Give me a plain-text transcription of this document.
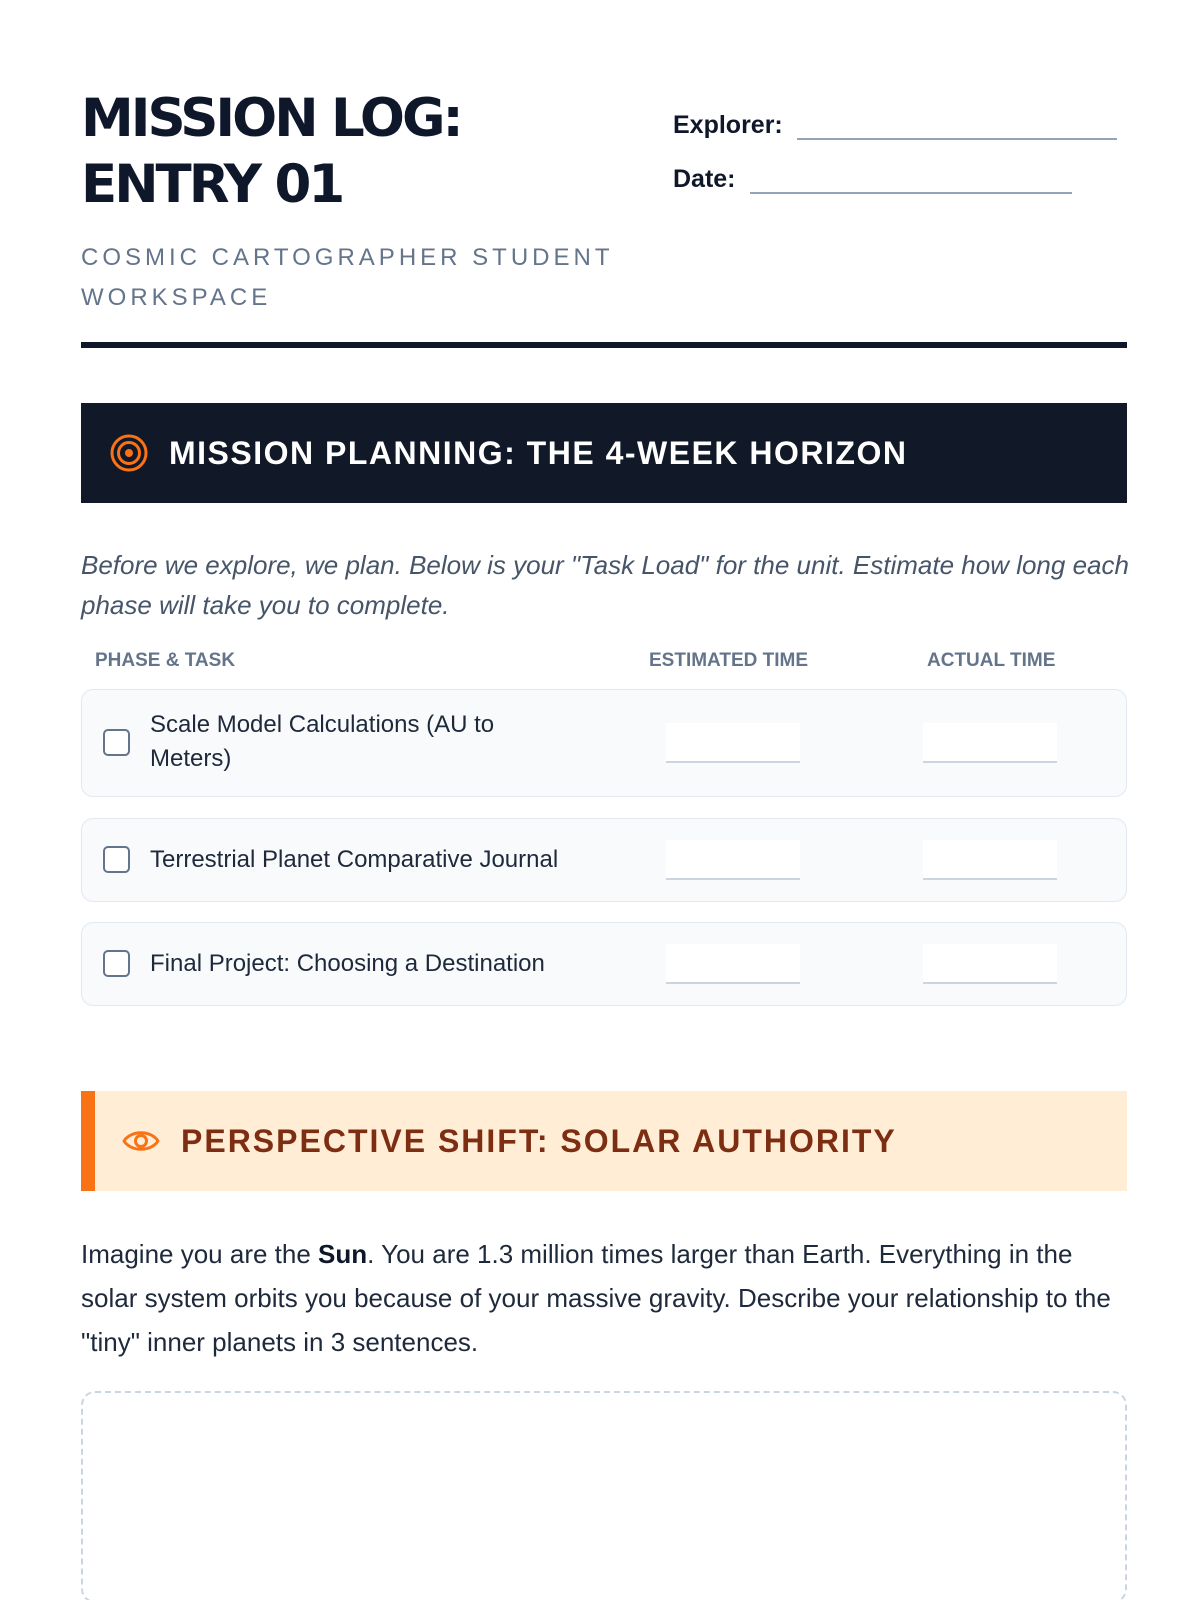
MISSION LOG:
ENTRY 01
COSMIC CARTOGRAPHER STUDENT WORKSPACE
Explorer:
Date:
MISSION PLANNING: THE 4-WEEK HORIZON

Before we explore, we plan. Below is your "Task Load" for the unit. Estimate how long each phase will take you to complete.

PHASE & TASK	ESTIMATED TIME	ACTUAL TIME
Scale Model Calculations (AU to Meters)
Terrestrial Planet Comparative Journal
Final Project: Choosing a Destination
PERSPECTIVE SHIFT: SOLAR AUTHORITY

Imagine you are the Sun. You are 1.3 million times larger than Earth. Everything in the solar system orbits you because of your massive gravity. Describe your relationship to the "tiny" inner planets in 3 sentences.
